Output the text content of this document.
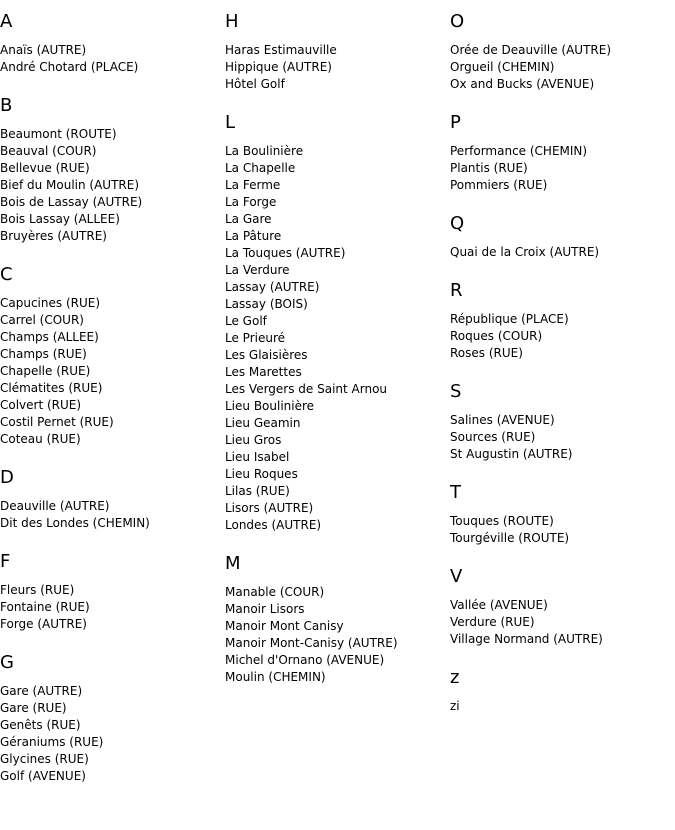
A
Anaïs (AUTRE)
André Chotard (PLACE)
B
Beaumont (ROUTE)
Beauval (COUR)
Bellevue (RUE)
Bief du Moulin (AUTRE)
Bois de Lassay (AUTRE)
Bois Lassay (ALLEE)
Bruyères (AUTRE)
C
Capucines (RUE)
Carrel (COUR)
Champs (ALLEE)
Champs (RUE)
Chapelle (RUE)
Clématites (RUE)
Colvert (RUE)
Costil Pernet (RUE)
Coteau (RUE)
D
Deauville (AUTRE)
Dit des Londes (CHEMIN)
F
Fleurs (RUE)
Fontaine (RUE)
Forge (AUTRE)
G
Gare (AUTRE)
Gare (RUE)
Genêts (RUE)
Géraniums (RUE)
Glycines (RUE)
Golf (AVENUE)
H
Haras Estimauville
Hippique (AUTRE)
Hôtel Golf
L
La Boulinière
La Chapelle
La Ferme
La Forge
La Gare
La Pâture
La Touques (AUTRE)
La Verdure
Lassay (AUTRE)
Lassay (BOIS)
Le Golf
Le Prieuré
Les Glaisières
Les Marettes
Les Vergers de Saint Arnou
Lieu Boulinière
Lieu Geamin
Lieu Gros
Lieu Isabel
Lieu Roques
Lilas (RUE)
Lisors (AUTRE)
Londes (AUTRE)
M
Manable (COUR)
Manoir Lisors
Manoir Mont Canisy
Manoir Mont-Canisy (AUTRE)
Michel d'Ornano (AVENUE)
Moulin (CHEMIN)
O
Orée de Deauville (AUTRE)
Orgueil (CHEMIN)
Ox and Bucks (AVENUE)
P
Performance (CHEMIN)
Plantis (RUE)
Pommiers (RUE)
Q
Quai de la Croix (AUTRE)
R
République (PLACE)
Roques (COUR)
Roses (RUE)
S
Salines (AVENUE)
Sources (RUE)
St Augustin (AUTRE)
T
Touques (ROUTE)
Tourgéville (ROUTE)
V
Vallée (AVENUE)
Verdure (RUE)
Village Normand (AUTRE)
z
zi
